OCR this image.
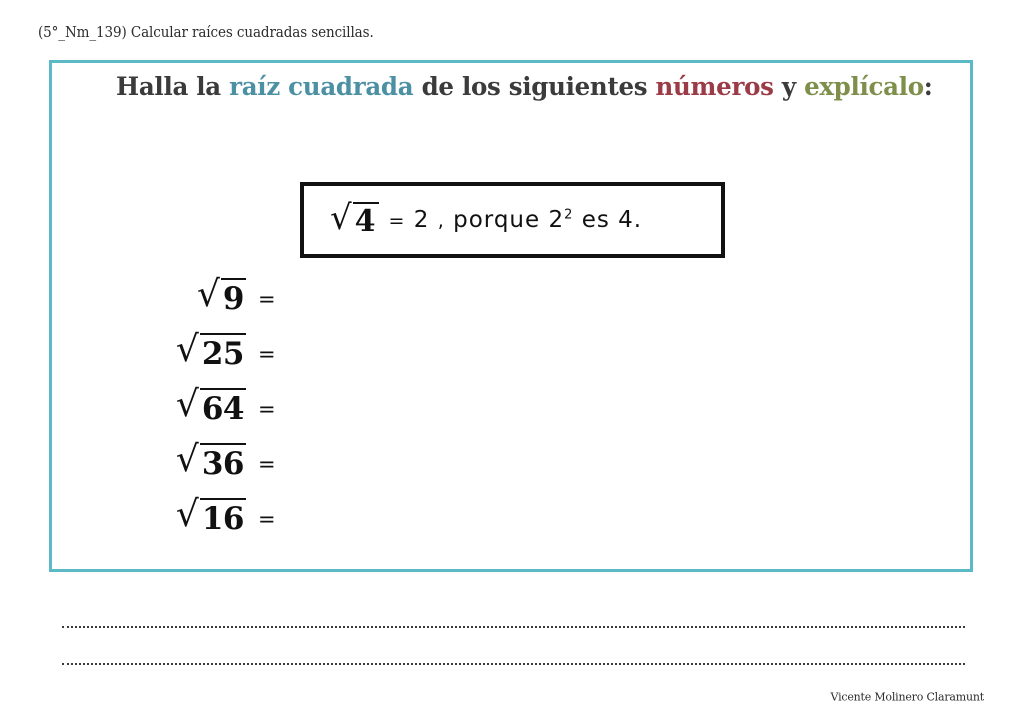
(5°_Nm_139) Calcular raíces cuadradas sencillas.
Halla la raíz cuadrada de los siguientes números y explícalo:
√ 4 = 2 , porque $2^2$ es 4.
√ 9 =
√ 25 =
√ 64 =
√ 36 =
√ 16 =
Vicente Molinero Claramunt
